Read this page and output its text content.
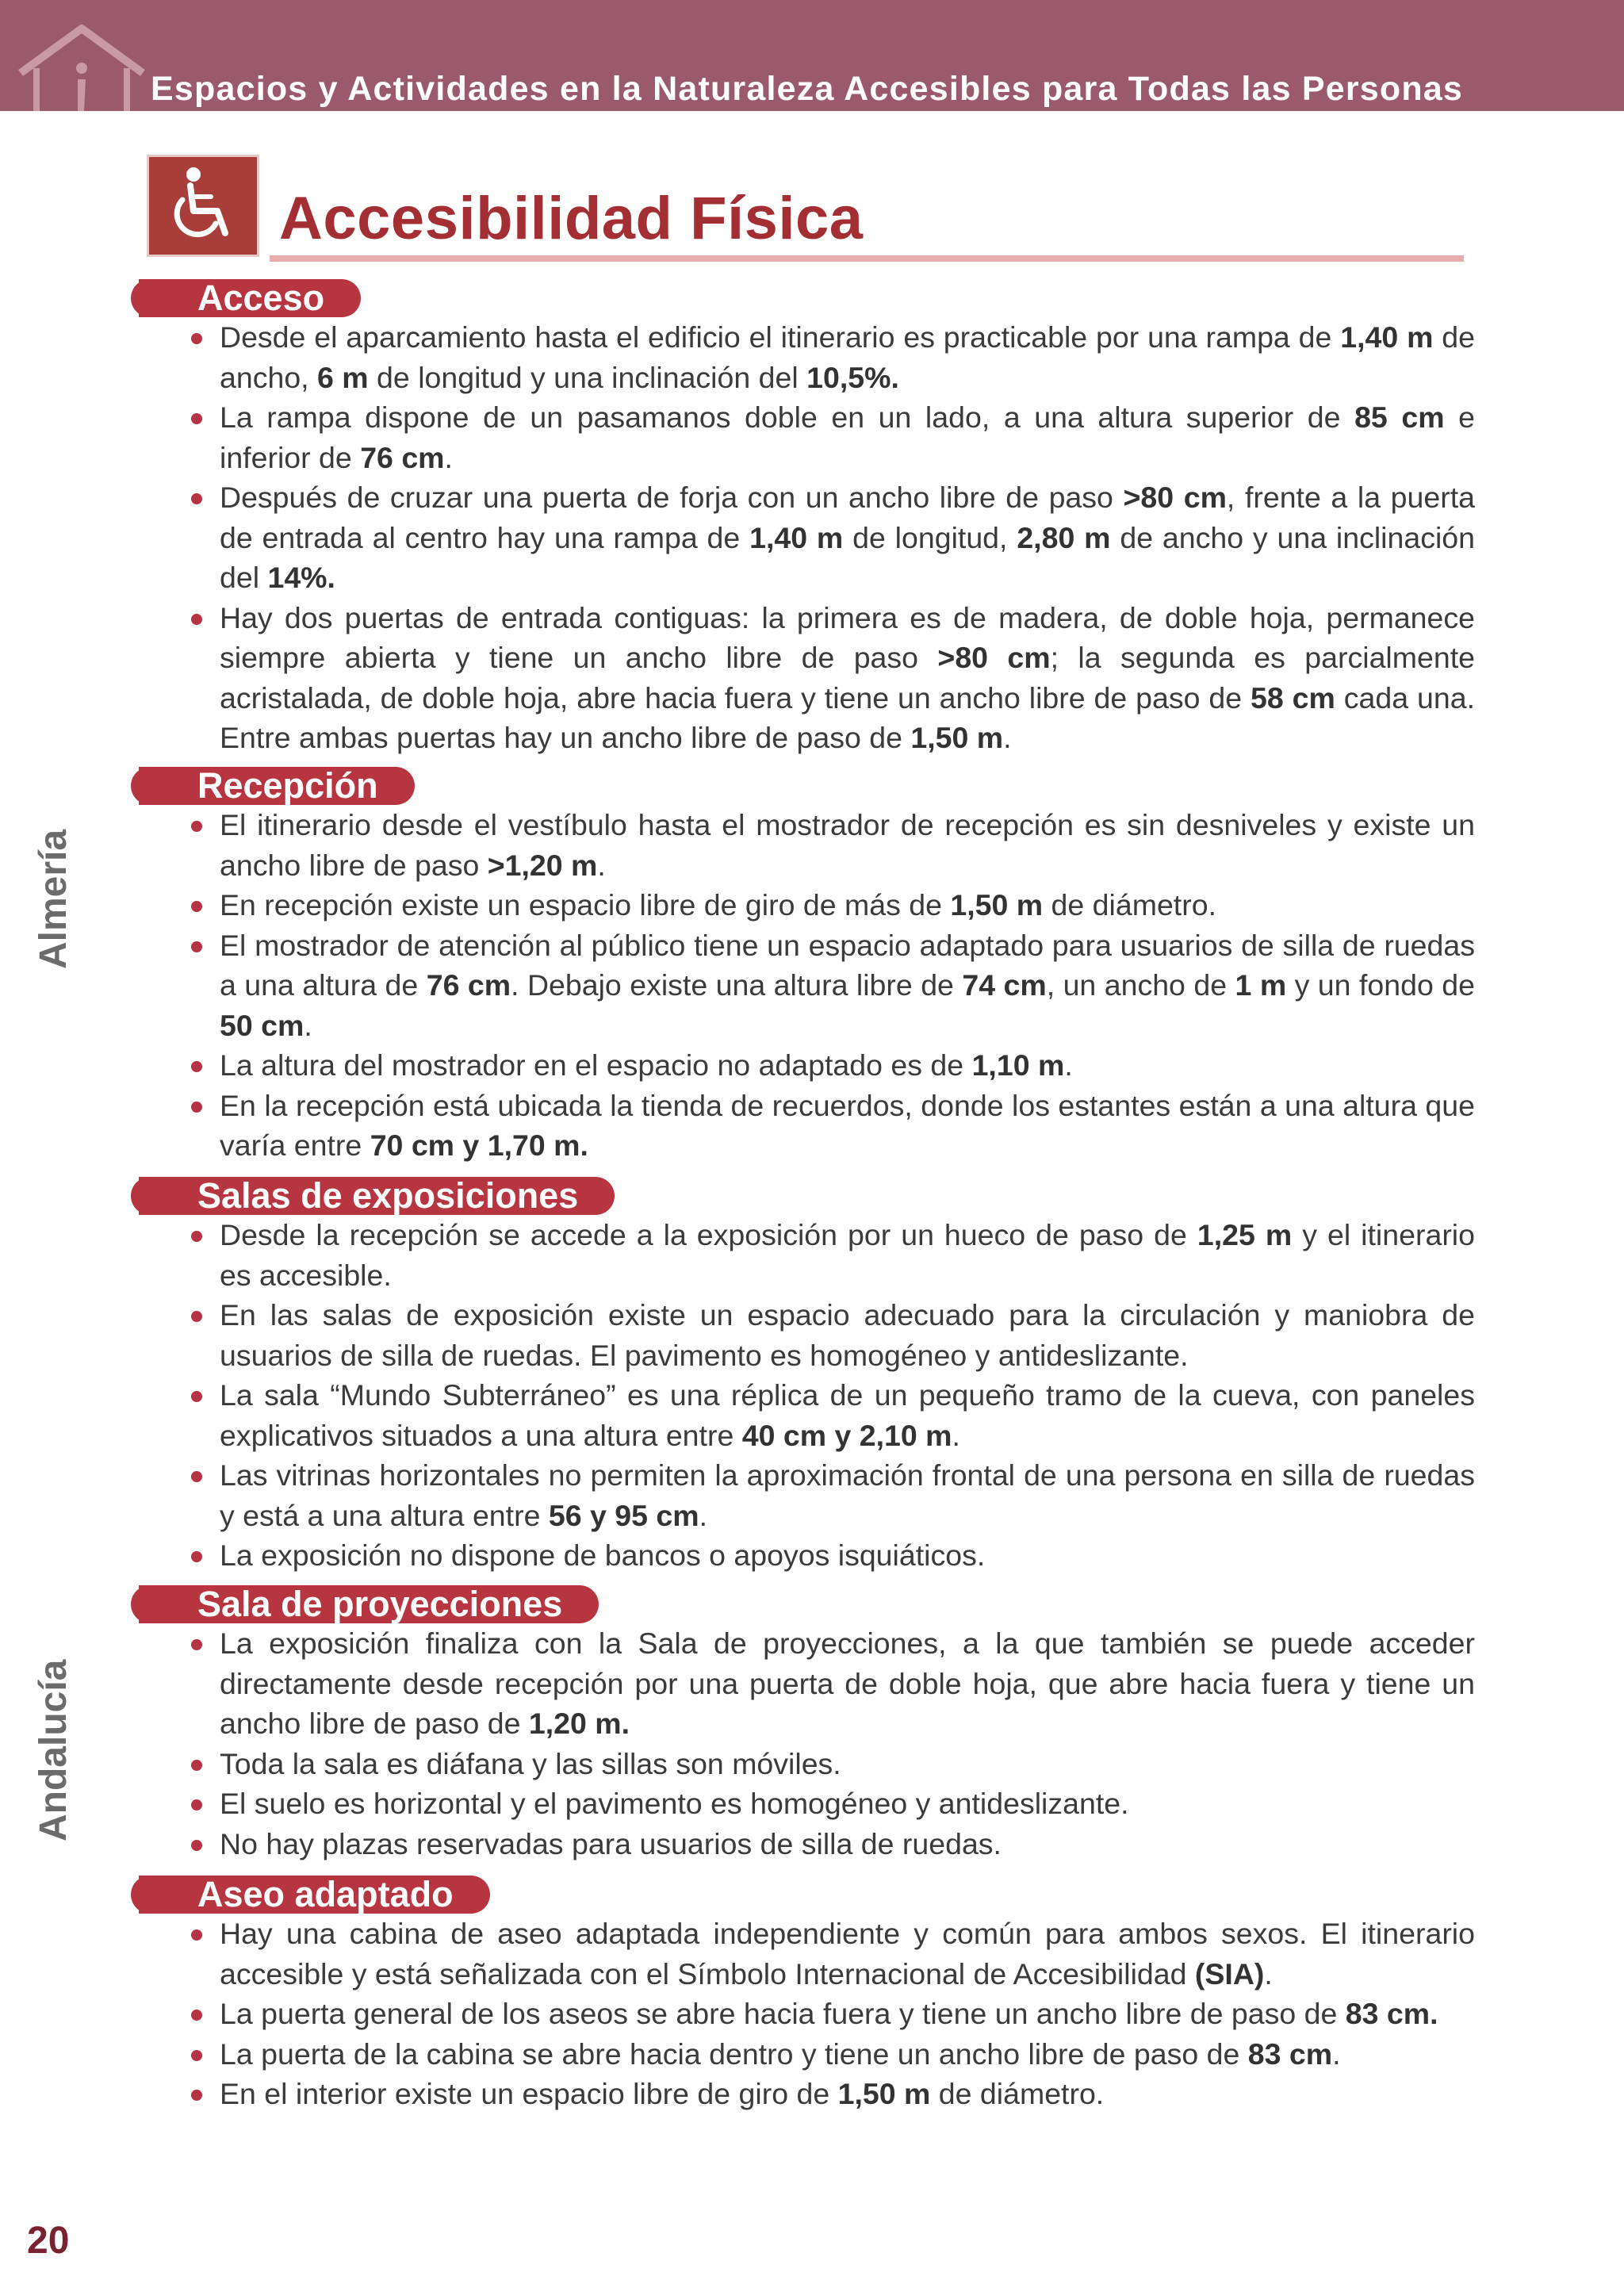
Espacios y Actividades en la Naturaleza Accesibles para Todas las Personas
Accesibilidad Física
Almería
Andalucía
Acceso
Desde el aparcamiento hasta el edificio el itinerario es practicable por una rampa de 1,40 m de ancho, 6 m de longitud y una inclinación del 10,5%.
La rampa dispone de un pasamanos doble en un lado, a una altura superior de 85 cm e inferior de 76 cm.
Después de cruzar una puerta de forja con un ancho libre de paso >80 cm, frente a la puerta de entrada al centro hay una rampa de 1,40 m de longitud, 2,80 m de ancho y una inclinación del 14%.
Hay dos puertas de entrada contiguas: la primera es de madera, de doble hoja, permanece siempre abierta y tiene un ancho libre de paso >80 cm; la segunda es parcialmente acristalada, de doble hoja, abre hacia fuera y tiene un ancho libre de paso de 58 cm cada una. Entre ambas puertas hay un ancho libre de paso de 1,50 m.
Recepción
El itinerario desde el vestíbulo hasta el mostrador de recepción es sin desniveles y existe un ancho libre de paso >1,20 m.
En recepción existe un espacio libre de giro de más de 1,50 m de diámetro.
El mostrador de atención al público tiene un espacio adaptado para usuarios de silla de ruedas a una altura de 76 cm. Debajo existe una altura libre de 74 cm, un ancho de 1 m y un fondo de 50 cm.
La altura del mostrador en el espacio no adaptado es de 1,10 m.
En la recepción está ubicada la tienda de recuerdos, donde los estantes están a una altura que varía entre 70 cm y 1,70 m.
Salas de exposiciones
Desde la recepción se accede a la exposición por un hueco de paso de 1,25 m y el itinerario es accesible.
En las salas de exposición existe un espacio adecuado para la circulación y maniobra de usuarios de silla de ruedas. El pavimento es homogéneo y antideslizante.
La sala “Mundo Subterráneo” es una réplica de un pequeño tramo de la cueva, con paneles explicativos situados a una altura entre 40 cm y 2,10 m.
Las vitrinas horizontales no permiten la aproximación frontal de una persona en silla de ruedas y está a una altura entre 56 y 95 cm.
La exposición no dispone de bancos o apoyos isquiáticos.
Sala de proyecciones
La exposición finaliza con la Sala de proyecciones, a la que también se puede acceder directamente desde recepción por una puerta de doble hoja, que abre hacia fuera y tiene un ancho libre de paso de 1,20 m.
Toda la sala es diáfana y las sillas son móviles.
El suelo es horizontal y el pavimento es homogéneo y antideslizante.
No hay plazas reservadas para usuarios de silla de ruedas.
Aseo adaptado
Hay una cabina de aseo adaptada independiente y común para ambos sexos. El itinerario accesible y está señalizada con el Símbolo Internacional de Accesibilidad (SIA).
La puerta general de los aseos se abre hacia fuera y tiene un ancho libre de paso de 83 cm.
La puerta de la cabina se abre hacia dentro y tiene un ancho libre de paso de 83 cm.
En el interior existe un espacio libre de giro de 1,50 m de diámetro.
20
